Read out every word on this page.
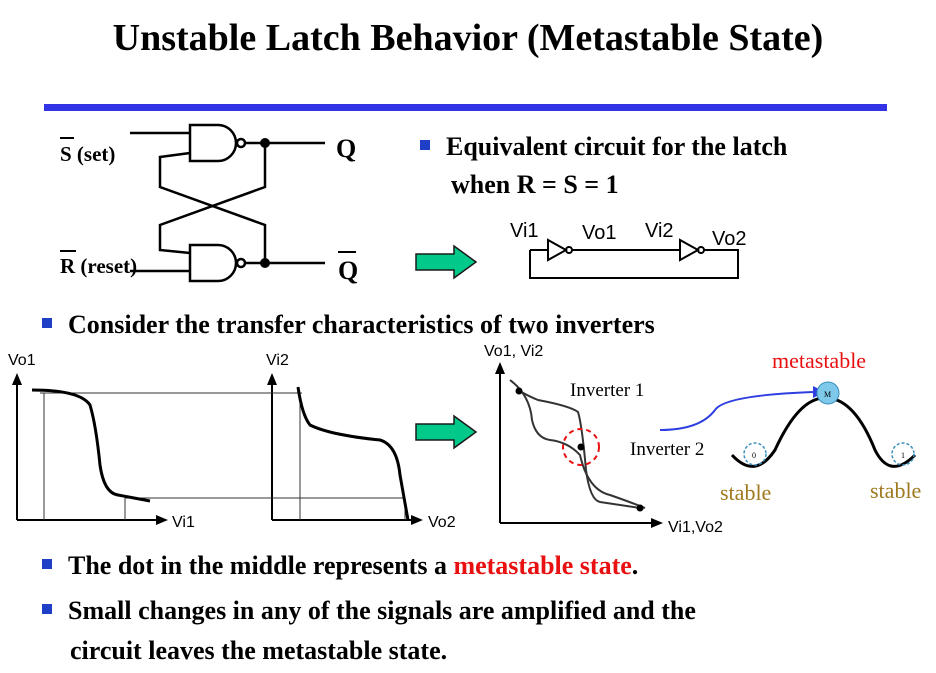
Unstable Latch Behavior (Metastable State)
S (set)
R (reset)
Q
Q
Equivalent circuit for the latch
when R = S = 1
Vi1 Vo1 Vi2 Vo2
Consider the transfer characteristics of two inverters
Vo1
Vi1
Vi2
Vo2
Inverter 1
Inverter 2
Vo1, Vi2
Vi1,Vo2
M
0	1
metastable
stable	stable
The dot in the middle represents a metastable state.
Small changes in any of the signals are amplified and the
circuit leaves the metastable state.
